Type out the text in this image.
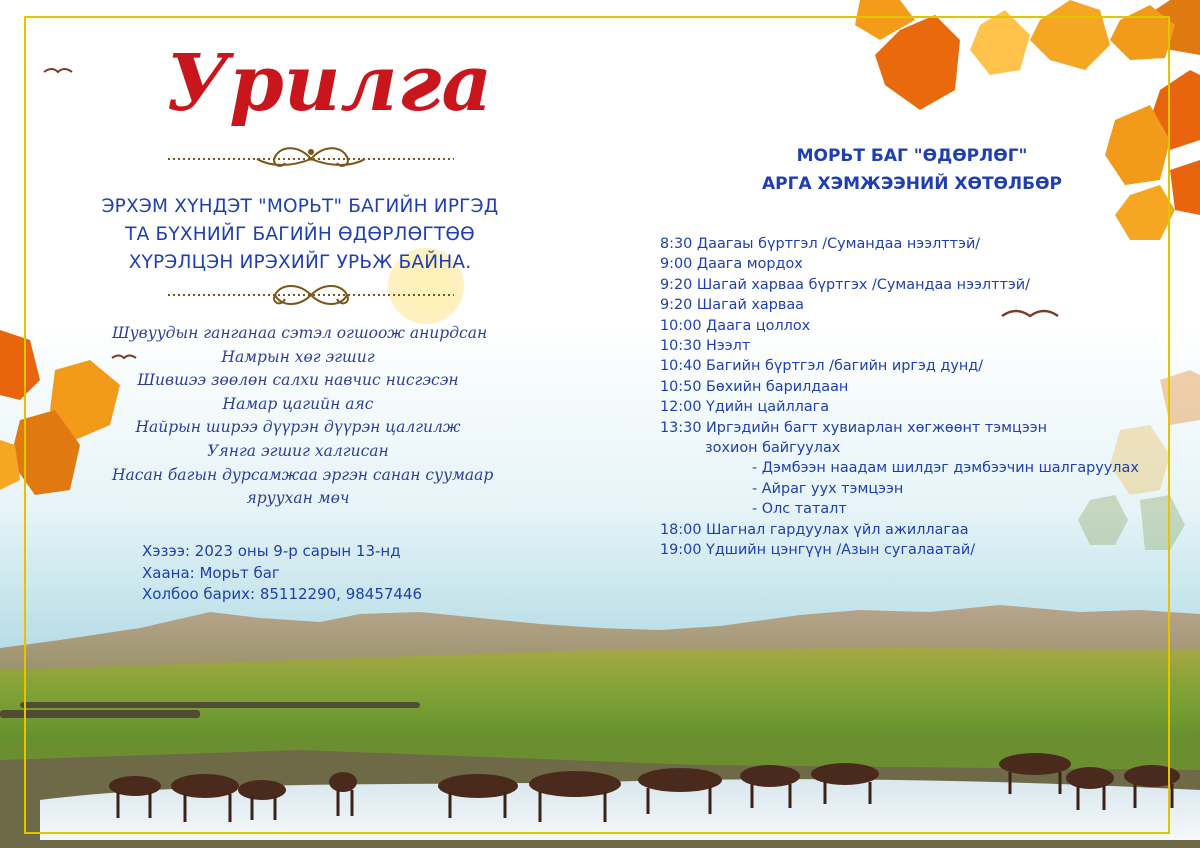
Урилга
ЭРХЭМ ХҮНДЭТ "МОРЬТ" БАГИЙН ИРГЭД
ТА БҮХНИЙГ БАГИЙН ӨДӨРЛӨГТӨӨ
ХҮРЭЛЦЭН ИРЭХИЙГ УРЬЖ БАЙНА.
Шувуудын ганганаа сэтэл огшоож анирдсан
Намрын хөг эгшиг
Шившээ зөөлөн салхи навчис нисгэсэн
Намар цагийн аяс
Найрын ширээ дүүрэн дүүрэн цалгилж
Уянга эгшиг халгисан
Насан багын дурсамжаа эргэн санан суумаар
яруухан мөч
Хэзээ: 2023 оны 9-р сарын 13-нд
Хаана: Морьт баг
Холбоо барих: 85112290, 98457446
МОРЬТ БАГ "ӨДӨРЛӨГ"
АРГА ХЭМЖЭЭНИЙ ХӨТӨЛБӨР
8:30 Даагаы бүртгэл /Сумандаа нээлттэй/
9:00 Даага мордох
9:20 Шагай харваа бүртгэх /Сумандаа нээлттэй/
9:20 Шагай харваа
10:00 Даага цоллох
10:30 Нээлт
10:40 Багийн бүртгэл /багийн иргэд дунд/
10:50 Бөхийн барилдаан
12:00 Үдийн цайллага
13:30 Иргэдийн багт хувиарлан хөгжөөнт тэмцээн
зохион байгуулах
- Дэмбээн наадам шилдэг дэмбээчин шалгаруулах
- Айраг уух тэмцээн
- Олс таталт
18:00 Шагнал гардуулах үйл ажиллагаа
19:00 Үдшийн цэнгүүн /Азын сугалаатай/
